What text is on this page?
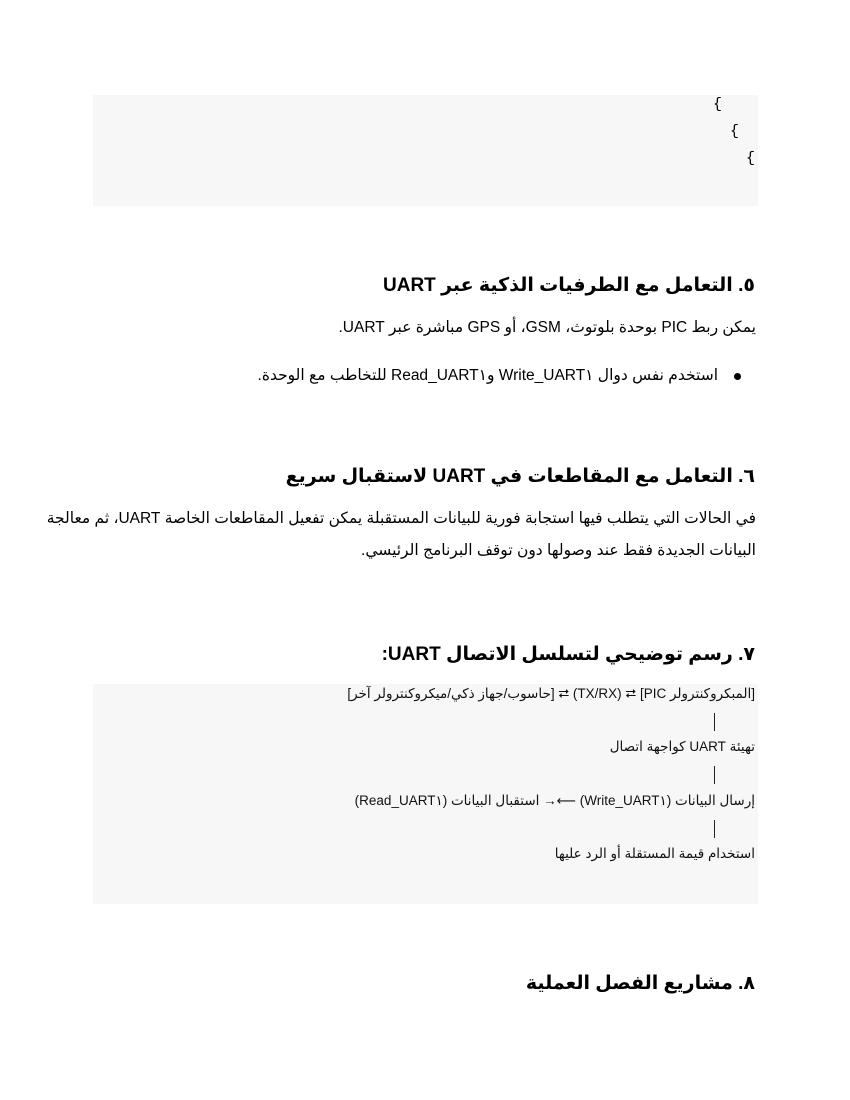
{
{
{
٥. التعامل مع الطرفيات الذكية عبر UART
يمكن ربط PIC بوحدة بلوتوث، GSM، أو GPS مباشرة عبر UART.
استخدم نفس دوال UART١_Write وUART١_Read للتخاطب مع الوحدة.
٦. التعامل مع المقاطعات في UART لاستقبال سريع
في الحالات التي يتطلب فيها استجابة فورية للبيانات المستقبلة يمكن تفعيل المقاطعات الخاصة UART، ثم معالجة
البيانات الجديدة فقط عند وصولها دون توقف البرنامج الرئيسي.
٧. رسم توضيحي لتسلسل الاتصال UART:
[المبكروكنترولر PIC] ⮂ (TX/RX) ⮂ [حاسوب/جهاز ذكي/ميكروكنترولر آخر]
تهيئة UART كواجهة اتصال
إرسال البيانات (UART١_Write) ⟵→ استقبال البيانات (UART١_Read)
استخدام قيمة المستقلة أو الرد عليها
٨. مشاريع الفصل العملية
